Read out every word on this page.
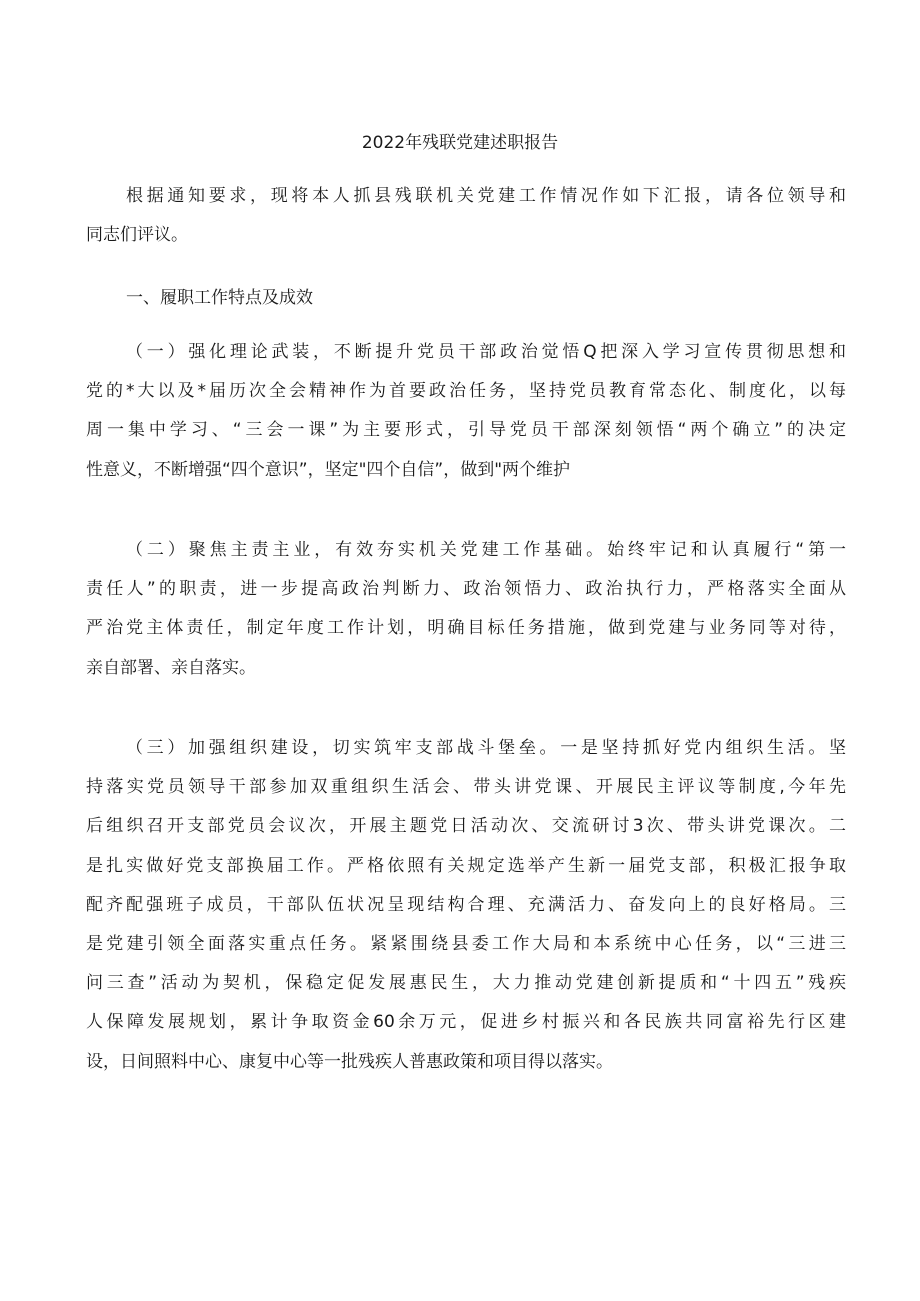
2022年残联党建述职报告
根据通知要求，现将本人抓县残联机关党建工作情况作如下汇报，请各位领导和
同志们评议。
一、履职工作特点及成效
（一）强化理论武装，不断提升党员干部政治觉悟Q把深入学习宣传贯彻思想和
党的*大以及*届历次全会精神作为首要政治任务，坚持党员教育常态化、制度化，以每
周一集中学习、“三会一课”为主要形式，引导党员干部深刻领悟“两个确立”的决定
性意义，不断增强“四个意识”，坚定"四个自信”，做到"两个维护
（二）聚焦主责主业，有效夯实机关党建工作基础。始终牢记和认真履行“第一
责任人”的职责，进一步提高政治判断力、政治领悟力、政治执行力，严格落实全面从
严治党主体责任，制定年度工作计划，明确目标任务措施，做到党建与业务同等对待，
亲自部署、亲自落实。
（三）加强组织建设，切实筑牢支部战斗堡垒。一是坚持抓好党内组织生活。坚
持落实党员领导干部参加双重组织生活会、带头讲党课、开展民主评议等制度,今年先
后组织召开支部党员会议次，开展主题党日活动次、交流研讨3次、带头讲党课次。二
是扎实做好党支部换届工作。严格依照有关规定选举产生新一届党支部，积极汇报争取
配齐配强班子成员，干部队伍状况呈现结构合理、充满活力、奋发向上的良好格局。三
是党建引领全面落实重点任务。紧紧围绕县委工作大局和本系统中心任务，以“三进三
问三查”活动为契机，保稳定促发展惠民生，大力推动党建创新提质和“十四五”残疾
人保障发展规划，累计争取资金60余万元，促进乡村振兴和各民族共同富裕先行区建
设，日间照料中心、康复中心等一批残疾人普惠政策和项目得以落实。
